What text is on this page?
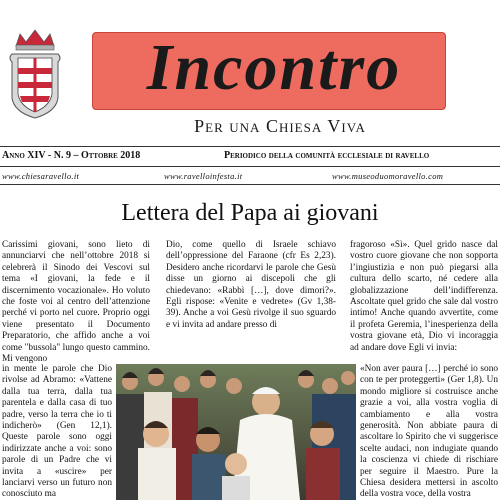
Incontro
Per una Chiesa Viva
Anno XIV - N. 9 – Ottobre 2018	Periodico della comunità ecclesiale di ravello
www.chiesaravello.it	www.ravelloinfesta.it	www.museoduomoravello.com
Lettera del Papa ai giovani

Carissimi giovani, sono lieto di annunciarvi che nell’ottobre 2018 si celebrerà il Sinodo dei Vescovi sul tema «I giovani, la fede e il discernimento vocazionale». Ho voluto che foste voi al centro dell’attenzione perché vi porto nel cuore. Proprio oggi viene presentato il Documento Preparatorio, che affido anche a voi come "bussola" lungo questo cammino. Mi vengono

Dio, come quello di Israele schiavo dell’oppressione del Faraone (cfr Es 2,23). Desidero anche ricordarvi le parole che Gesù disse un giorno ai discepoli che gli chiedevano: «Rabbì […], dove dimori?». Egli rispose: «Venite e vedrete» (Gv 1,38-39). Anche a voi Gesù rivolge il suo sguardo e vi invita ad andare presso di

fragoroso «Sì». Quel grido nasce dal vostro cuore giovane che non sopporta l’ingiustizia e non può piegarsi alla cultura dello scarto, né cedere alla globalizzazione dell’indifferenza. Ascoltate quel grido che sale dal vostro intimo! Anche quando avvertite, come il profeta Geremia, l’inesperienza della vostra giovane età, Dio vi incoraggia ad andare dove Egli vi invia:

in mente le parole che Dio rivolse ad Abramo: «Vattene dalla tua terra, dalla tua parentela e dalla casa di tuo padre, verso la terra che io ti indicherò» (Gen 12,1). Queste parole sono oggi indirizzate anche a voi: sono parole di un Padre che vi invita a «uscire» per lanciarvi verso un futuro non conosciuto ma

«Non aver paura […] perché io sono con te per proteggerti» (Ger 1,8). Un mondo migliore si costruisce anche grazie a voi, alla vostra voglia di cambiamento e alla vostra generosità. Non abbiate paura di ascoltare lo Spirito che vi suggerisce scelte audaci, non indugiate quando la coscienza vi chiede di rischiare per seguire il Maestro. Pure la Chiesa desidera mettersi in ascolto della vostra voce, della vostra
